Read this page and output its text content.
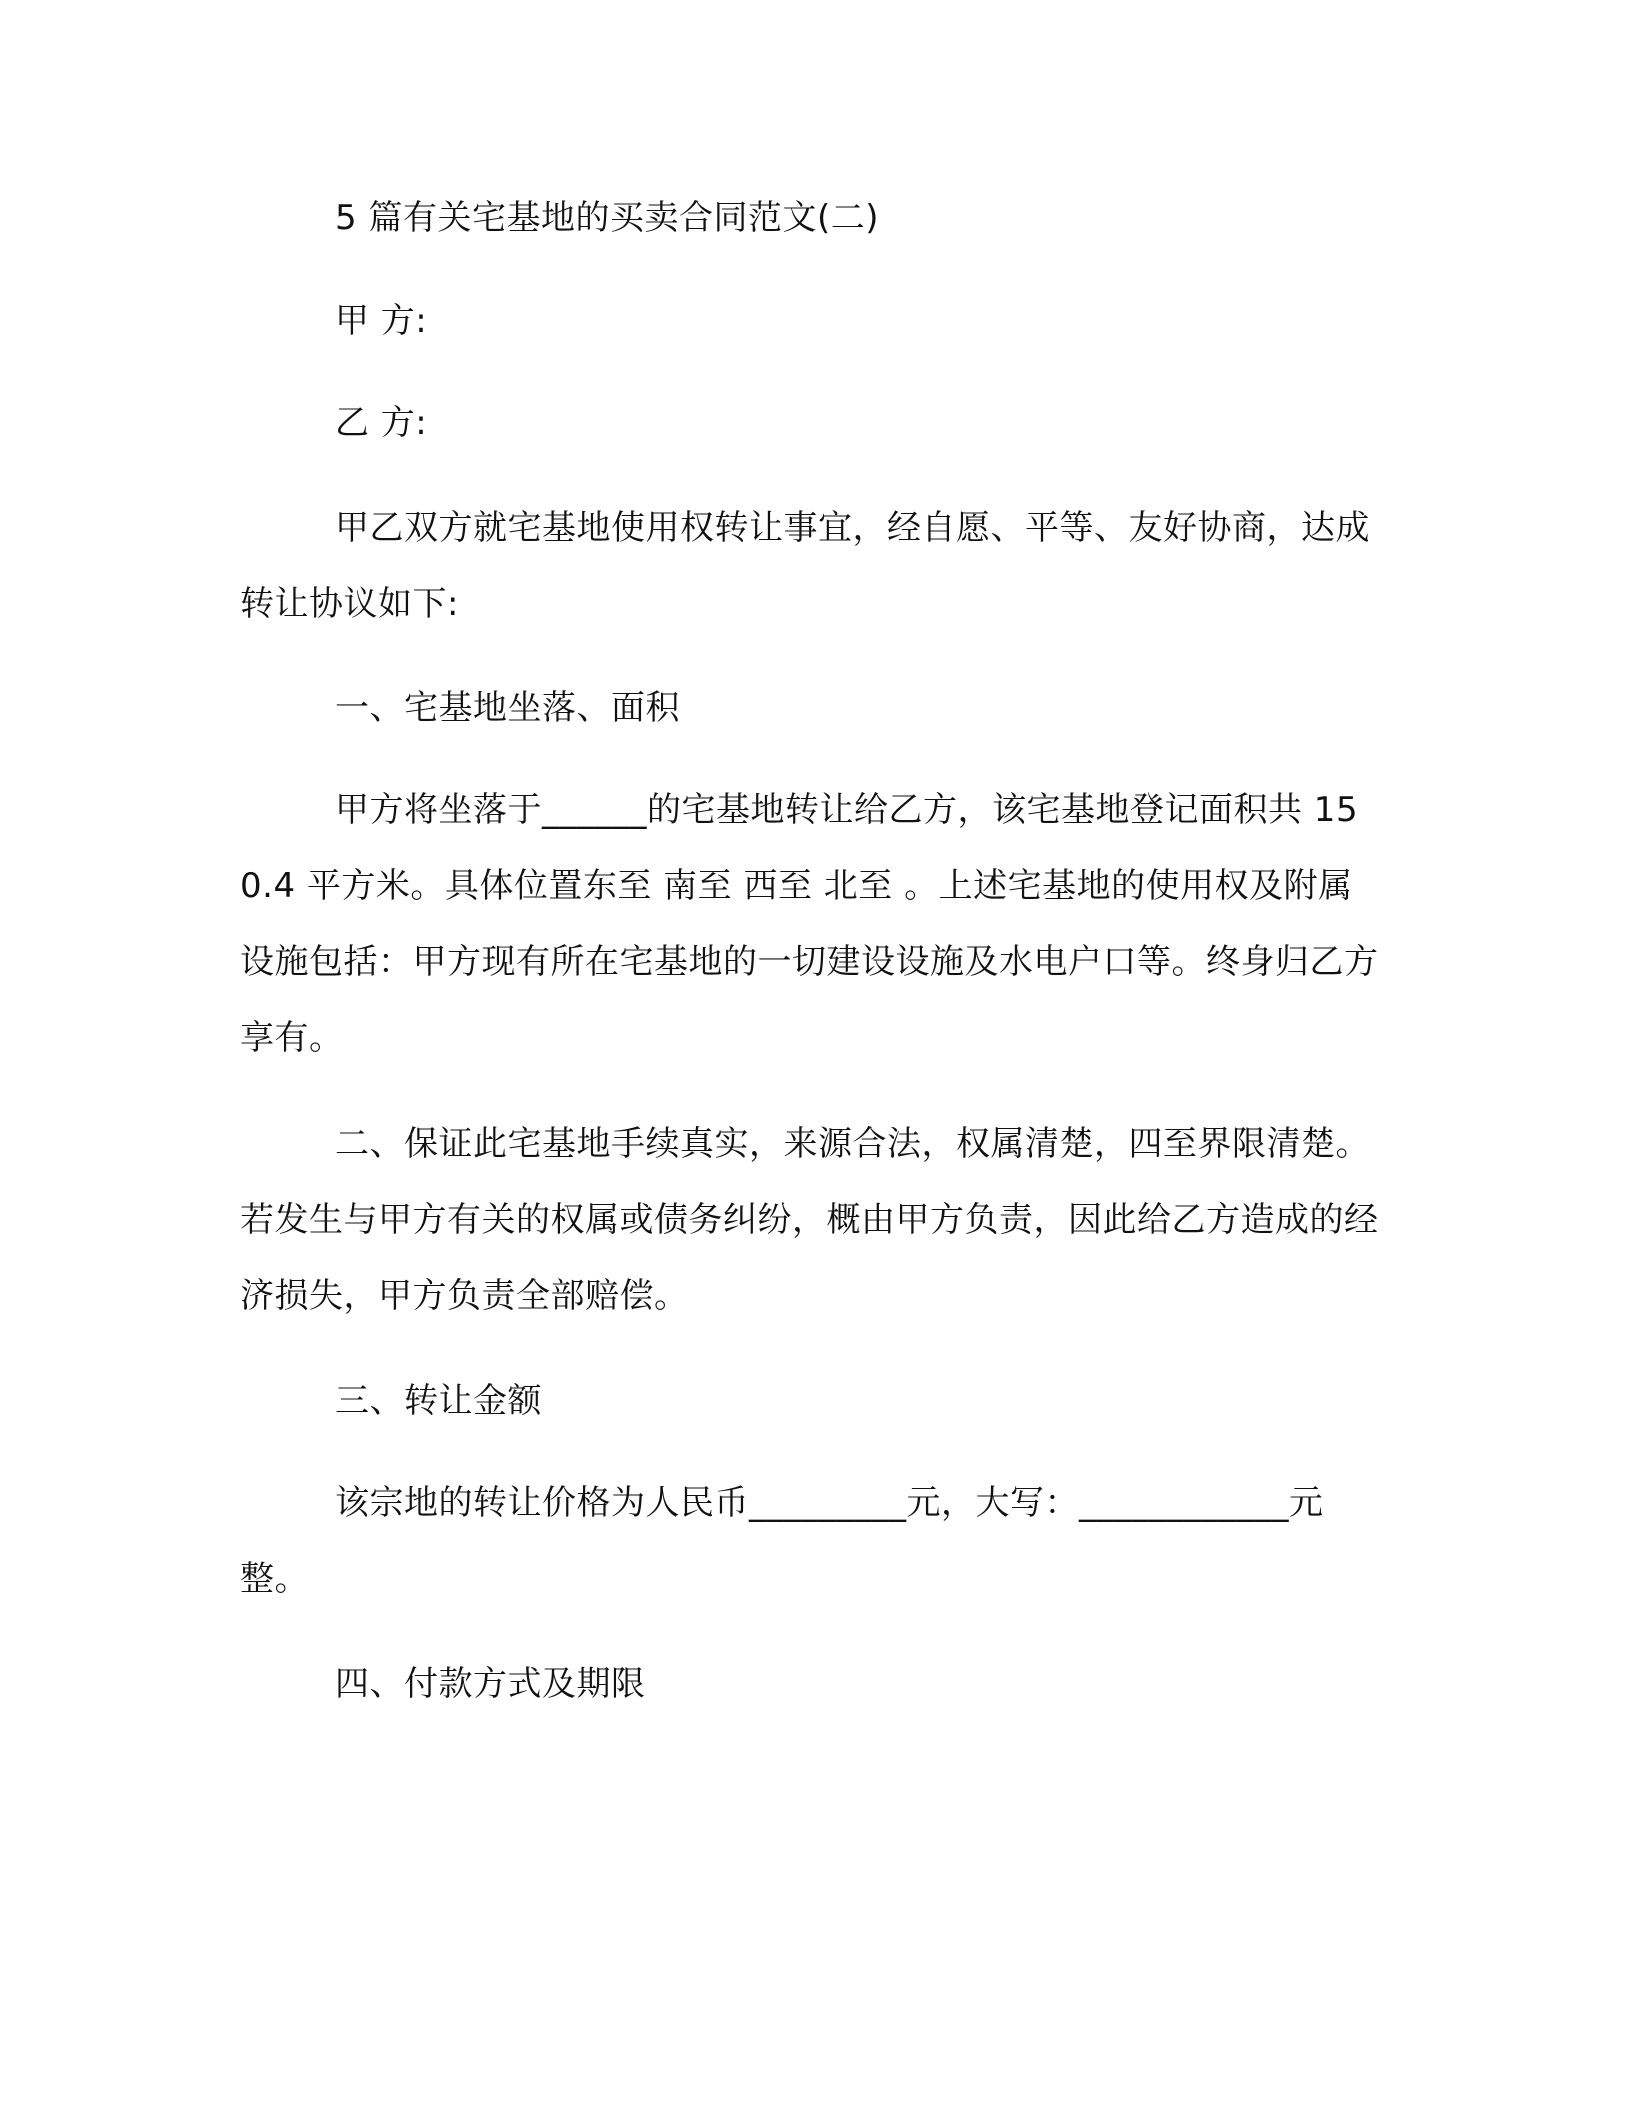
5 篇有关宅基地的买卖合同范文(二)

甲 方:

乙 方:

甲乙双方就宅基地使用权转让事宜，经自愿、平等、友好协商，达成转让协议如下:

一、宅基地坐落、面积

甲方将坐落于______的宅基地转让给乙方，该宅基地登记面积共 150.4 平方米。具体位置东至 南至 西至 北至 。上述宅基地的使用权及附属设施包括：甲方现有所在宅基地的一切建设设施及水电户口等。终身归乙方享有。

二、保证此宅基地手续真实，来源合法，权属清楚，四至界限清楚。若发生与甲方有关的权属或债务纠纷，概由甲方负责，因此给乙方造成的经济损失，甲方负责全部赔偿。

三、转让金额

该宗地的转让价格为人民币_________元，大写：____________元整。

四、付款方式及期限
